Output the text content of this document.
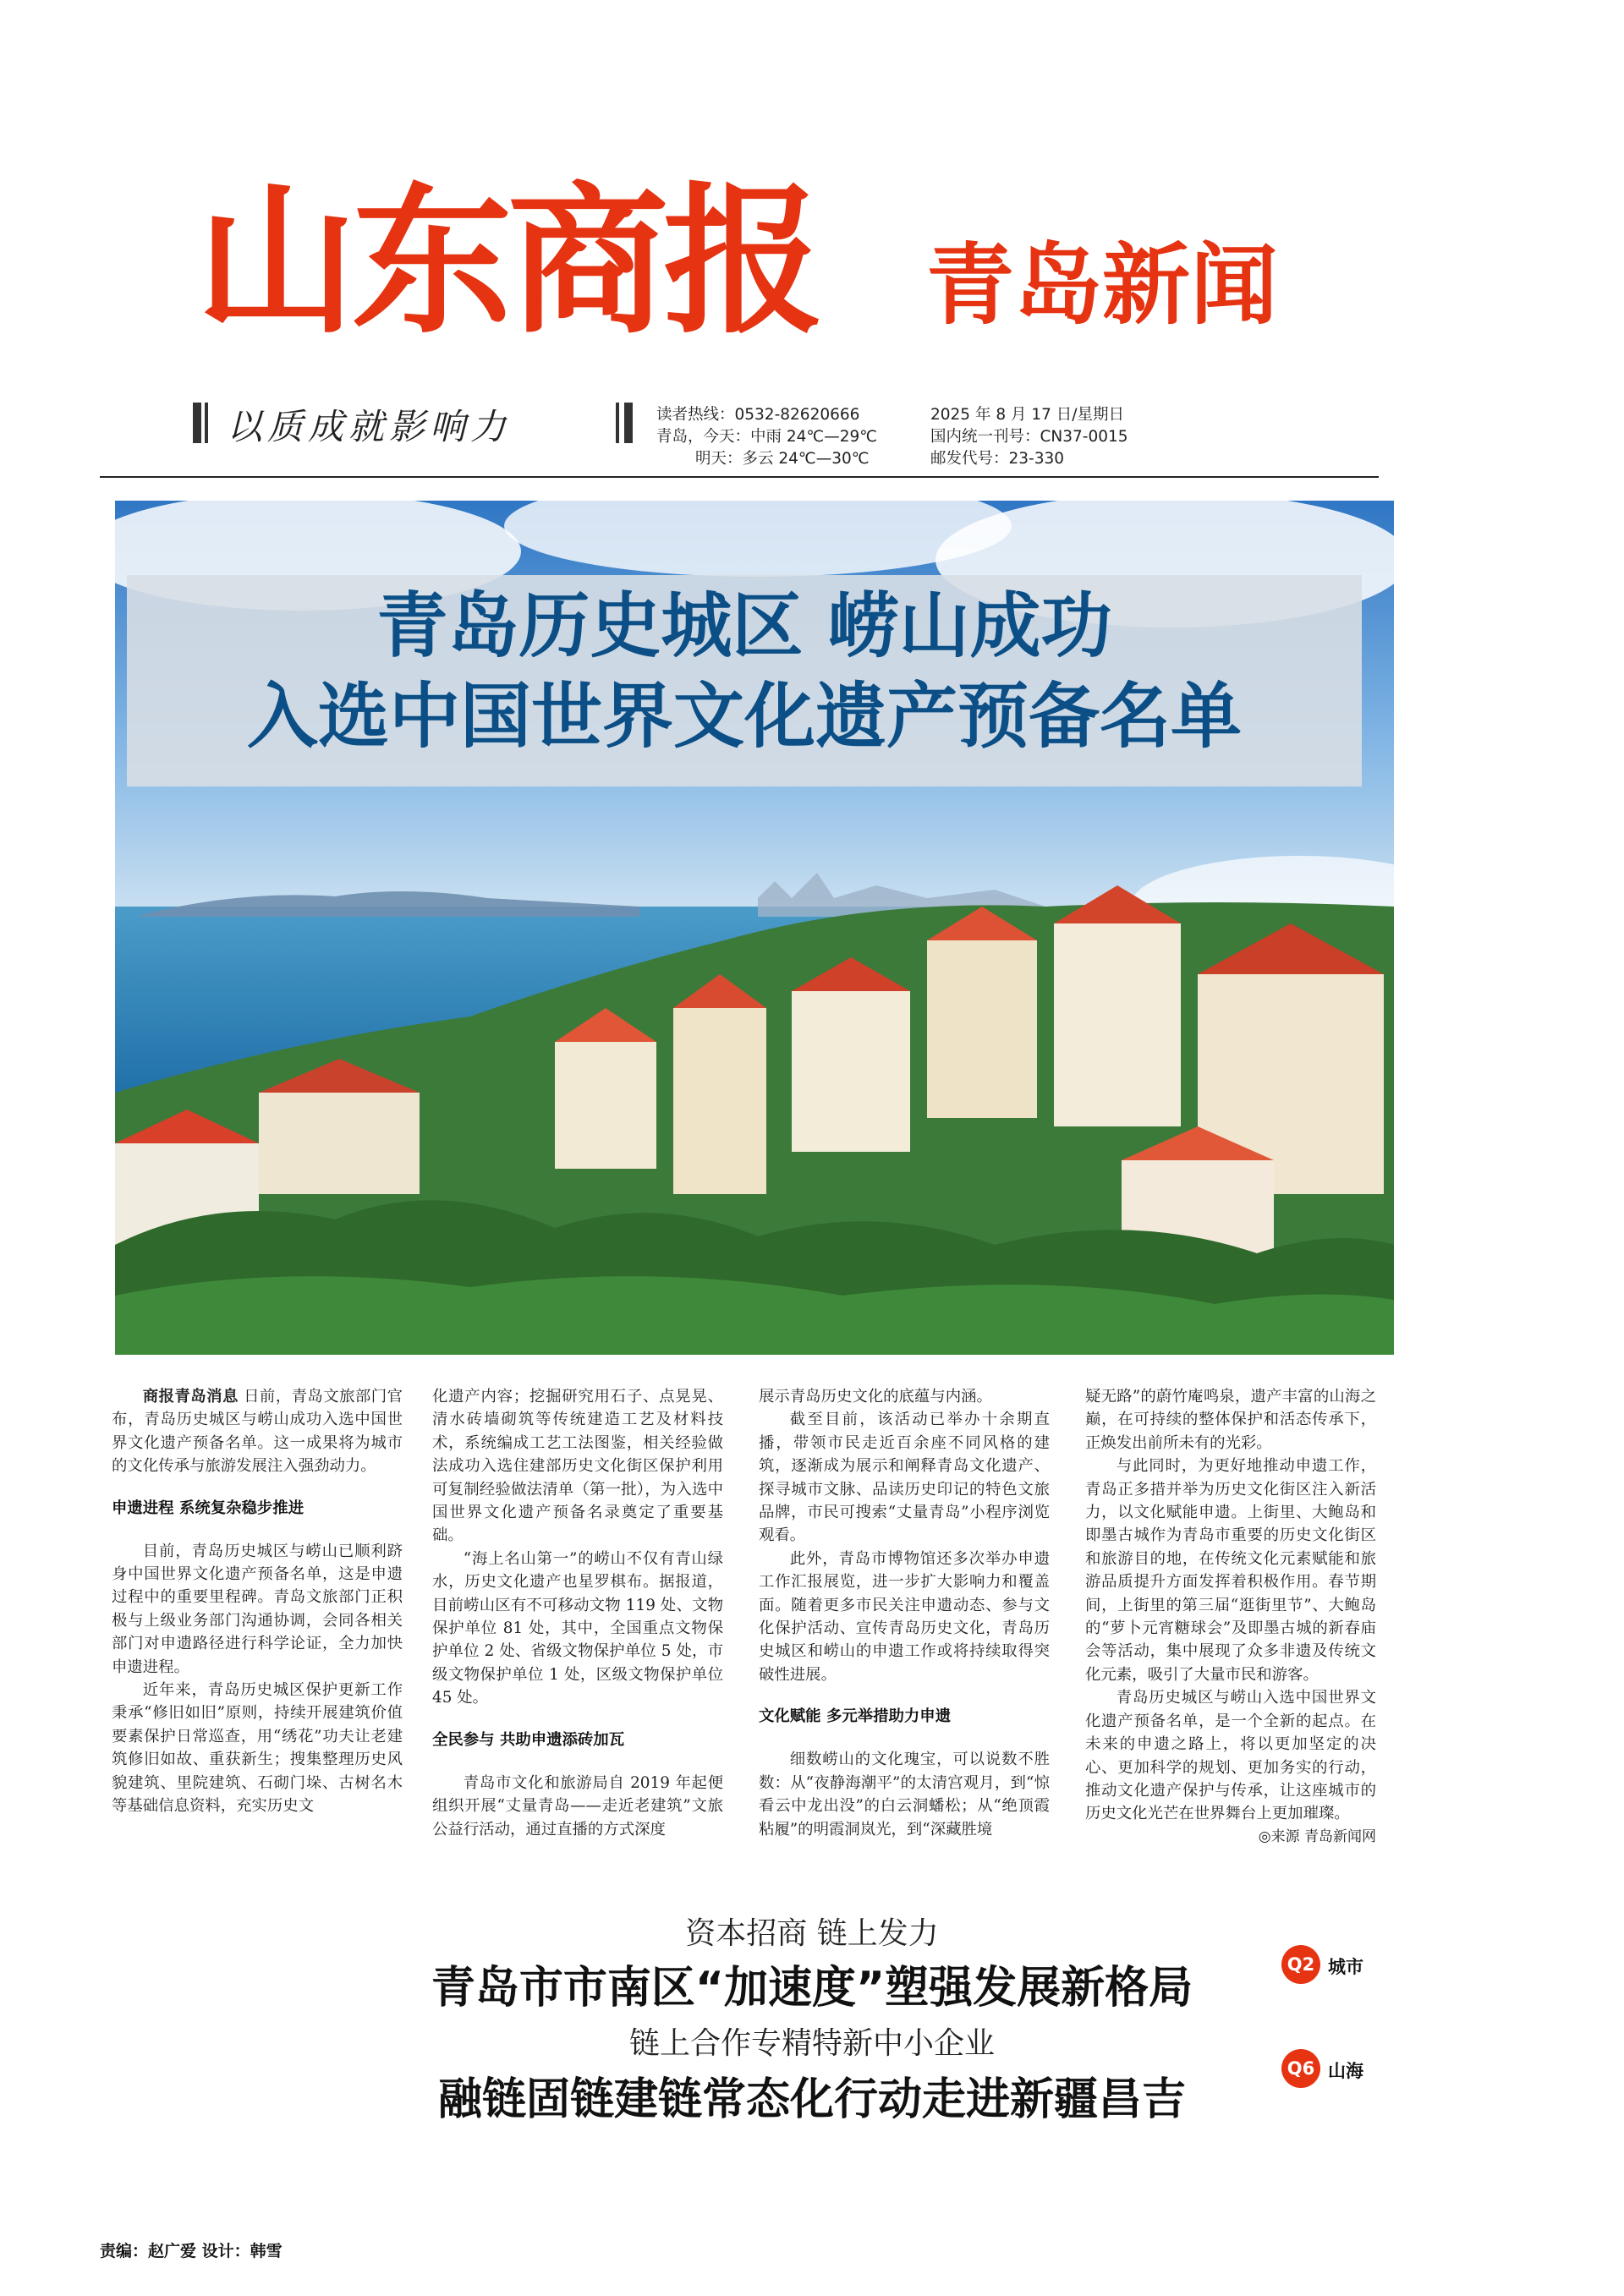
山东商报 青岛新闻
以质成就影响力	读者热线：0532-82620666
青岛，今天：中雨 24℃—29℃
明天：多云 24℃—30℃
2025 年 8 月 17 日/星期日
国内统一刊号：CN37-0015
邮发代号：23-330
青岛历史城区 崂山成功
入选中国世界文化遗产预备名单

商报青岛消息 日前，青岛文旅部门官布，青岛历史城区与崂山成功入选中国世界文化遗产预备名单。这一成果将为城市的文化传承与旅游发展注入强劲动力。

申遗进程 系统复杂稳步推进

目前，青岛历史城区与崂山已顺利跻身中国世界文化遗产预备名单，这是申遗过程中的重要里程碑。青岛文旅部门正积极与上级业务部门沟通协调，会同各相关部门对申遗路径进行科学论证，全力加快申遗进程。

近年来，青岛历史城区保护更新工作秉承“修旧如旧”原则，持续开展建筑价值要素保护日常巡查，用“绣花”功夫让老建筑修旧如故、重获新生；搜集整理历史风貌建筑、里院建筑、石砌门垛、古树名木等基础信息资料，充实历史文

化遗产内容；挖掘研究用石子、点晃晃、清水砖墙砌筑等传统建造工艺及材料技术，系统编成工艺工法图鉴，相关经验做法成功入选住建部历史文化街区保护利用可复制经验做法清单（第一批），为入选中国世界文化遗产预备名录奠定了重要基础。

“海上名山第一”的崂山不仅有青山绿水，历史文化遗产也星罗棋布。据报道，目前崂山区有不可移动文物 119 处、文物保护单位 81 处，其中，全国重点文物保护单位 2 处、省级文物保护单位 5 处，市级文物保护单位 1 处，区级文物保护单位 45 处。

全民参与 共助申遗添砖加瓦

青岛市文化和旅游局自 2019 年起便组织开展“丈量青岛——走近老建筑”文旅公益行活动，通过直播的方式深度

展示青岛历史文化的底蕴与内涵。

截至目前，该活动已举办十余期直播，带领市民走近百余座不同风格的建筑，逐渐成为展示和阐释青岛文化遗产、探寻城市文脉、品读历史印记的特色文旅品牌，市民可搜索“丈量青岛”小程序浏览观看。

此外，青岛市博物馆还多次举办申遗工作汇报展览，进一步扩大影响力和覆盖面。随着更多市民关注申遗动态、参与文化保护活动、宣传青岛历史文化，青岛历史城区和崂山的申遗工作或将持续取得突破性进展。

文化赋能 多元举措助力申遗

细数崂山的文化瑰宝，可以说数不胜数：从“夜静海潮平”的太清宫观月，到“惊看云中龙出没”的白云洞蟠松；从“绝顶霞粘履”的明霞洞岚光，到“深藏胜境

疑无路”的蔚竹庵鸣泉，遗产丰富的山海之巅，在可持续的整体保护和活态传承下，正焕发出前所未有的光彩。

与此同时，为更好地推动申遗工作，青岛正多措并举为历史文化街区注入新活力，以文化赋能申遗。上街里、大鲍岛和即墨古城作为青岛市重要的历史文化街区和旅游目的地，在传统文化元素赋能和旅游品质提升方面发挥着积极作用。春节期间，上街里的第三届“逛街里节”、大鲍岛的“萝卜元宵糖球会”及即墨古城的新春庙会等活动，集中展现了众多非遗及传统文化元素，吸引了大量市民和游客。

青岛历史城区与崂山入选中国世界文化遗产预备名单，是一个全新的起点。在未来的申遗之路上，将以更加坚定的决心、更加科学的规划、更加务实的行动，推动文化遗产保护与传承，让这座城市的历史文化光芒在世界舞台上更加璀璨。

◎来源 青岛新闻网
资本招商 链上发力
青岛市市南区“加速度”塑强发展新格局	Q2 城市
链上合作专精特新中小企业
融链固链建链常态化行动走进新疆昌吉
Q6 山海
责编：赵广爱 设计：韩雪
